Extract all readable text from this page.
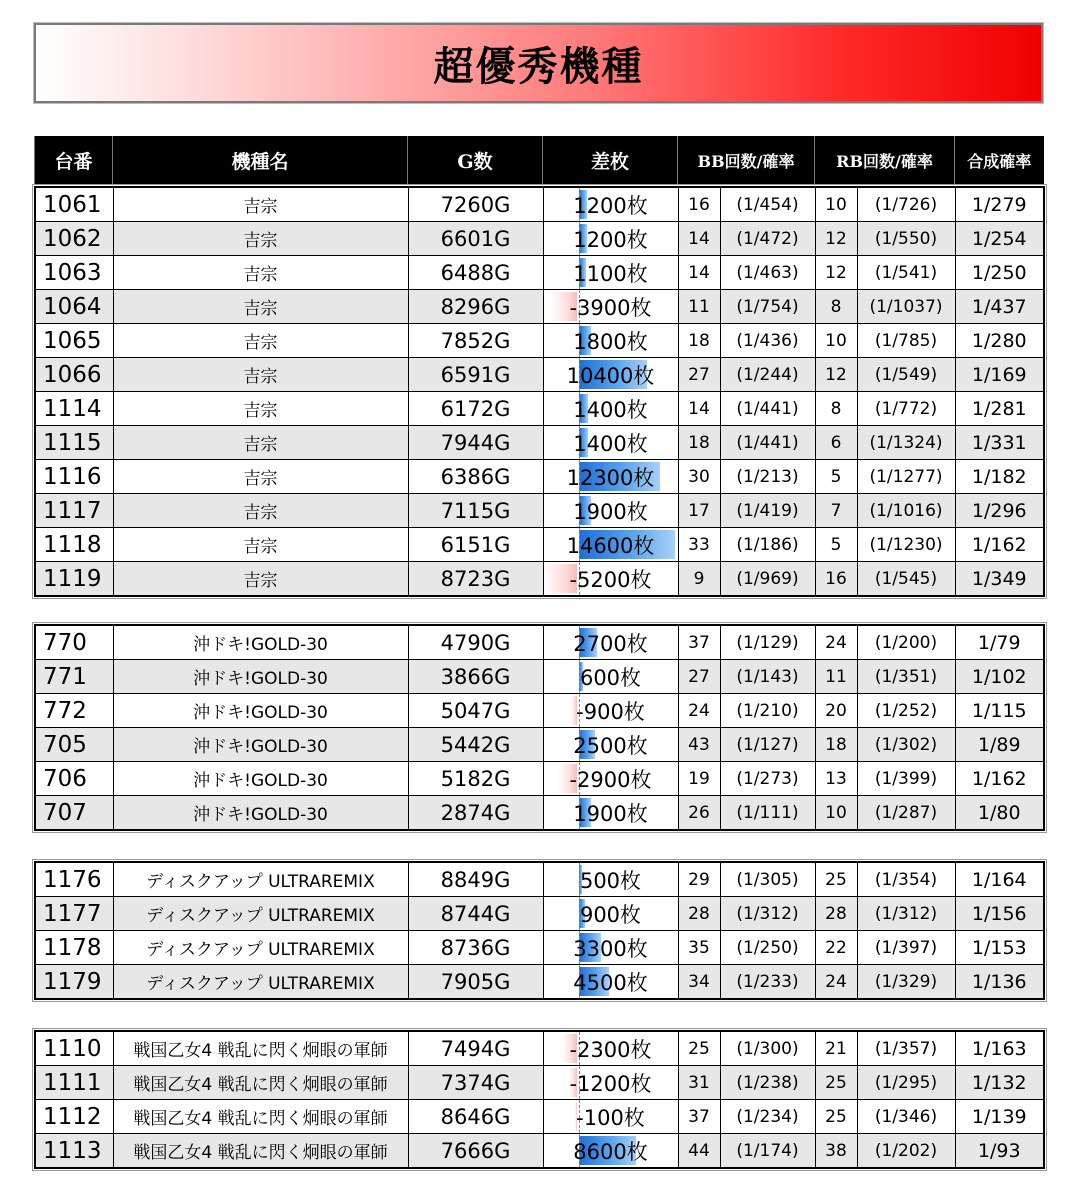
超優秀機種
台番	機種名	G数	差枚	BB回数/確率	RB回数/確率	合成確率
1061	吉宗	7260G	1200枚	16	(1/454)	10	(1/726)	1/279
1062	吉宗	6601G	1200枚	14	(1/472)	12	(1/550)	1/254
1063	吉宗	6488G	1100枚	14	(1/463)	12	(1/541)	1/250
1064	吉宗	8296G	-3900枚	11	(1/754)	8	(1/1037)	1/437
1065	吉宗	7852G	1800枚	18	(1/436)	10	(1/785)	1/280
1066	吉宗	6591G	10400枚	27	(1/244)	12	(1/549)	1/169
1114	吉宗	6172G	1400枚	14	(1/441)	8	(1/772)	1/281
1115	吉宗	7944G	1400枚	18	(1/441)	6	(1/1324)	1/331
1116	吉宗	6386G	12300枚	30	(1/213)	5	(1/1277)	1/182
1117	吉宗	7115G	1900枚	17	(1/419)	7	(1/1016)	1/296
1118	吉宗	6151G	14600枚	33	(1/186)	5	(1/1230)	1/162
1119	吉宗	8723G	-5200枚	9	(1/969)	16	(1/545)	1/349
770	沖ドキ!GOLD-30	4790G	2700枚	37	(1/129)	24	(1/200)	1/79
771	沖ドキ!GOLD-30	3866G	600枚	27	(1/143)	11	(1/351)	1/102
772	沖ドキ!GOLD-30	5047G	-900枚	24	(1/210)	20	(1/252)	1/115
705	沖ドキ!GOLD-30	5442G	2500枚	43	(1/127)	18	(1/302)	1/89
706	沖ドキ!GOLD-30	5182G	-2900枚	19	(1/273)	13	(1/399)	1/162
707	沖ドキ!GOLD-30	2874G	1900枚	26	(1/111)	10	(1/287)	1/80
1176	ディスクアップ ULTRAREMIX	8849G	500枚	29	(1/305)	25	(1/354)	1/164
1177	ディスクアップ ULTRAREMIX	8744G	900枚	28	(1/312)	28	(1/312)	1/156
1178	ディスクアップ ULTRAREMIX	8736G	3300枚	35	(1/250)	22	(1/397)	1/153
1179	ディスクアップ ULTRAREMIX	7905G	4500枚	34	(1/233)	24	(1/329)	1/136
1110	戦国乙女4 戦乱に閃く炯眼の軍師	7494G	-2300枚	25	(1/300)	21	(1/357)	1/163
1111	戦国乙女4 戦乱に閃く炯眼の軍師	7374G	-1200枚	31	(1/238)	25	(1/295)	1/132
1112	戦国乙女4 戦乱に閃く炯眼の軍師	8646G	-100枚	37	(1/234)	25	(1/346)	1/139
1113	戦国乙女4 戦乱に閃く炯眼の軍師	7666G	8600枚	44	(1/174)	38	(1/202)	1/93
